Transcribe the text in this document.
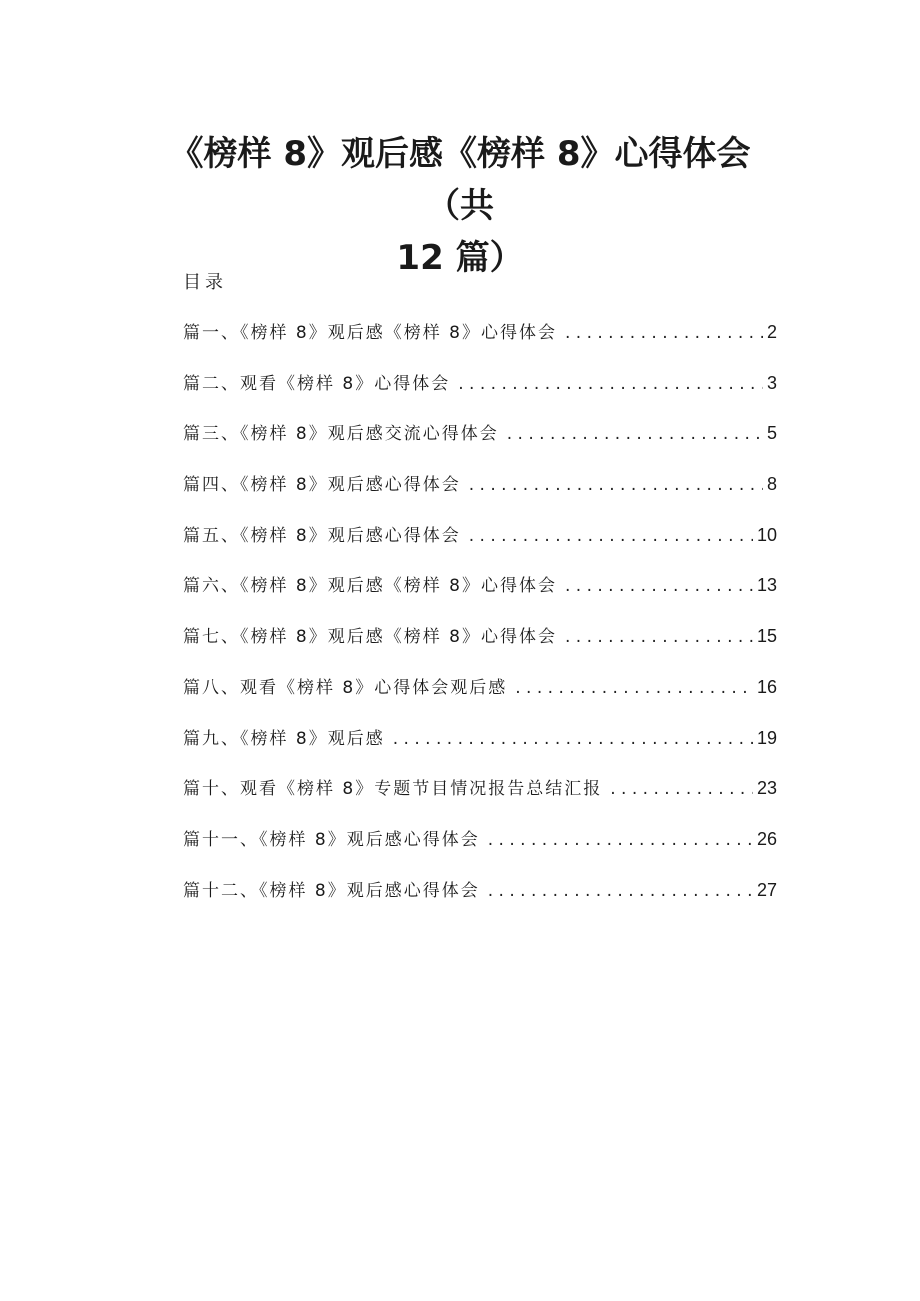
《榜样 8》观后感《榜样 8》心得体会（共
12 篇）
目录
篇一、《榜样 8》观后感《榜样 8》心得体会 . . .	2
篇二、观看《榜样 8》心得体会 . . .	3
篇三、《榜样 8》观后感交流心得体会 . . .	5
篇四、《榜样 8》观后感心得体会 . . .	8
篇五、《榜样 8》观后感心得体会 . . .	10
篇六、《榜样 8》观后感《榜样 8》心得体会 . . .	13
篇七、《榜样 8》观后感《榜样 8》心得体会 . . .	15
篇八、观看《榜样 8》心得体会观后感 . . .	16
篇九、《榜样 8》观后感 . . .	19
篇十、观看《榜样 8》专题节目情况报告总结汇报 . . .	23
篇十一、《榜样 8》观后感心得体会 . . .	26
篇十二、《榜样 8》观后感心得体会 . . .	27
